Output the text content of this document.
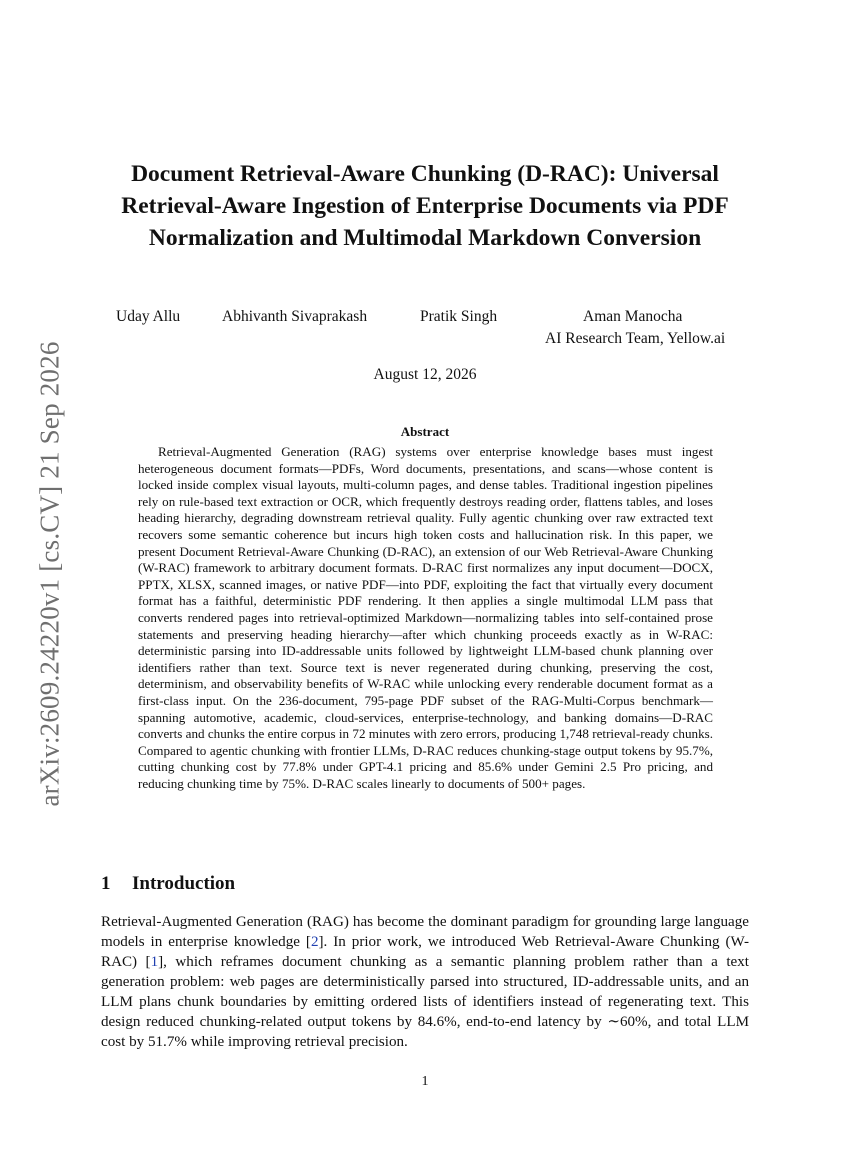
arXiv:2609.24220v1 [cs.CV] 21 Sep 2026
Document Retrieval-Aware Chunking (D-RAC): Universal Retrieval-Aware Ingestion of Enterprise Documents via PDF Normalization and Multimodal Markdown Conversion
Uday Allu	Abhivanth Sivaprakash	Pratik Singh	Aman Manocha
AI Research Team, Yellow.ai
August 12, 2026
Abstract

Retrieval-Augmented Generation (RAG) systems over enterprise knowledge bases must ingest heterogeneous document formats—PDFs, Word documents, presentations, and scans—whose content is locked inside complex visual layouts, multi-column pages, and dense tables. Traditional ingestion pipelines rely on rule-based text extraction or OCR, which frequently destroys reading order, flattens tables, and loses heading hierarchy, degrading downstream retrieval quality. Fully agentic chunking over raw extracted text recovers some semantic coherence but incurs high token costs and hallucination risk. In this paper, we present Document Retrieval-Aware Chunking (D-RAC), an extension of our Web Retrieval-Aware Chunking (W-RAC) framework to arbitrary document formats. D-RAC first normalizes any input document—DOCX, PPTX, XLSX, scanned images, or native PDF—into PDF, exploiting the fact that virtually every document format has a faithful, deterministic PDF rendering. It then applies a single multimodal LLM pass that converts rendered pages into retrieval-optimized Markdown—normalizing tables into self-contained prose statements and preserving heading hierarchy—after which chunking proceeds exactly as in W-RAC: deterministic parsing into ID-addressable units followed by lightweight LLM-based chunk planning over identifiers rather than text. Source text is never regenerated during chunking, preserving the cost, determinism, and observability benefits of W-RAC while unlocking every renderable document format as a first-class input. On the 236-document, 795-page PDF subset of the RAG-Multi-Corpus benchmark—spanning automotive, academic, cloud-services, enterprise-technology, and banking domains—D-RAC converts and chunks the entire corpus in 72 minutes with zero errors, producing 1,748 retrieval-ready chunks. Compared to agentic chunking with frontier LLMs, D-RAC reduces chunking-stage output tokens by 95.7%, cutting chunking cost by 77.8% under GPT-4.1 pricing and 85.6% under Gemini 2.5 Pro pricing, and reducing chunking time by 75%. D-RAC scales linearly to documents of 500+ pages.

1 Introduction

Retrieval-Augmented Generation (RAG) has become the dominant paradigm for grounding large language models in enterprise knowledge [2]. In prior work, we introduced Web Retrieval-Aware Chunking (W-RAC) [1], which reframes document chunking as a semantic planning problem rather than a text generation problem: web pages are deterministically parsed into structured, ID-addressable units, and an LLM plans chunk boundaries by emitting ordered lists of identifiers instead of regenerating text. This design reduced chunking-related output tokens by 84.6%, end-to-end latency by ∼60%, and total LLM cost by 51.7% while improving retrieval precision.

1
